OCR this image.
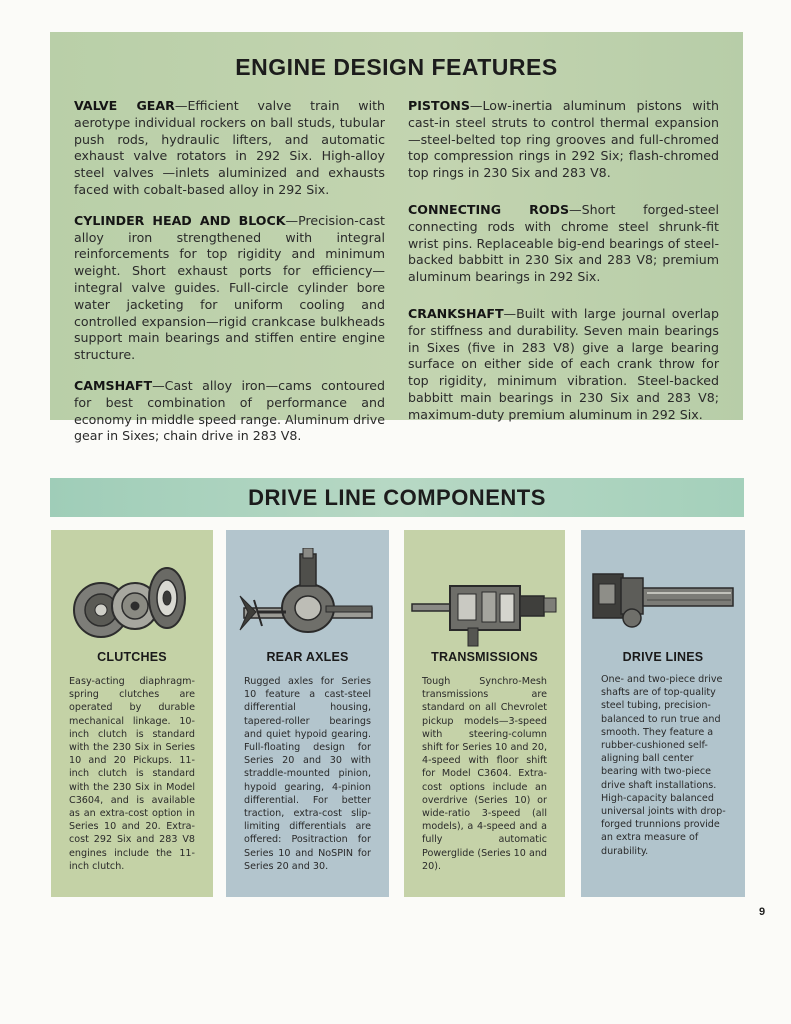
ENGINE DESIGN FEATURES

VALVE GEAR—Efficient valve train with aerotype individual rockers on ball studs, tubular push rods, hydraulic lifters, and automatic exhaust valve rotators in 292 Six. High-alloy steel valves —inlets aluminized and exhausts faced with cobalt-based alloy in 292 Six.

CYLINDER HEAD AND BLOCK—Precision-cast alloy iron strengthened with integral reinforcements for top rigidity and minimum weight. Short exhaust ports for efficiency—integral valve guides. Full-circle cylinder bore water jacketing for uniform cooling and controlled expansion—rigid crankcase bulkheads support main bearings and stiffen entire engine structure.

CAMSHAFT—Cast alloy iron—cams contoured for best combination of performance and economy in middle speed range. Aluminum drive gear in Sixes; chain drive in 283 V8.

PISTONS—Low-inertia aluminum pistons with cast-in steel struts to control thermal expansion —steel-belted top ring grooves and full-chromed top compression rings in 292 Six; flash-chromed top rings in 230 Six and 283 V8.

CONNECTING RODS—Short forged-steel connecting rods with chrome steel shrunk-fit wrist pins. Replaceable big-end bearings of steel-backed babbitt in 230 Six and 283 V8; premium aluminum bearings in 292 Six.

CRANKSHAFT—Built with large journal overlap for stiffness and durability. Seven main bearings in Sixes (five in 283 V8) give a large bearing surface on either side of each crank throw for top rigidity, minimum vibration. Steel-backed babbitt main bearings in 230 Six and 283 V8; maximum-duty premium aluminum in 292 Six.

DRIVE LINE COMPONENTS
CLUTCHES
Easy-acting diaphragm-spring clutches are operated by durable mechanical linkage. 10-inch clutch is standard with the 230 Six in Series 10 and 20 Pickups. 11-inch clutch is standard with the 230 Six in Model C3604, and is available as an extra-cost option in Series 10 and 20. Extra-cost 292 Six and 283 V8 engines include the 11-inch clutch.
REAR AXLES
Rugged axles for Series 10 feature a cast-steel differential housing, tapered-roller bearings and quiet hypoid gearing. Full-floating design for Series 20 and 30 with straddle-mounted pinion, hypoid gearing, 4-pinion differential. For better traction, extra-cost slip-limiting differentials are offered: Positraction for Series 10 and NoSPIN for Series 20 and 30.
TRANSMISSIONS
Tough Synchro-Mesh transmissions are standard on all Chevrolet pickup models—3-speed with steering-column shift for Series 10 and 20, 4-speed with floor shift for Model C3604. Extra-cost options include an overdrive (Series 10) or wide-ratio 3-speed (all models), a 4-speed and a fully automatic Powerglide (Series 10 and 20).
DRIVE LINES
One- and two-piece drive shafts are of top-quality steel tubing, precision-balanced to run true and smooth. They feature a rubber-cushioned self-aligning ball center bearing with two-piece drive shaft installations. High-capacity balanced universal joints with drop-forged trunnions provide an extra measure of durability.
9
